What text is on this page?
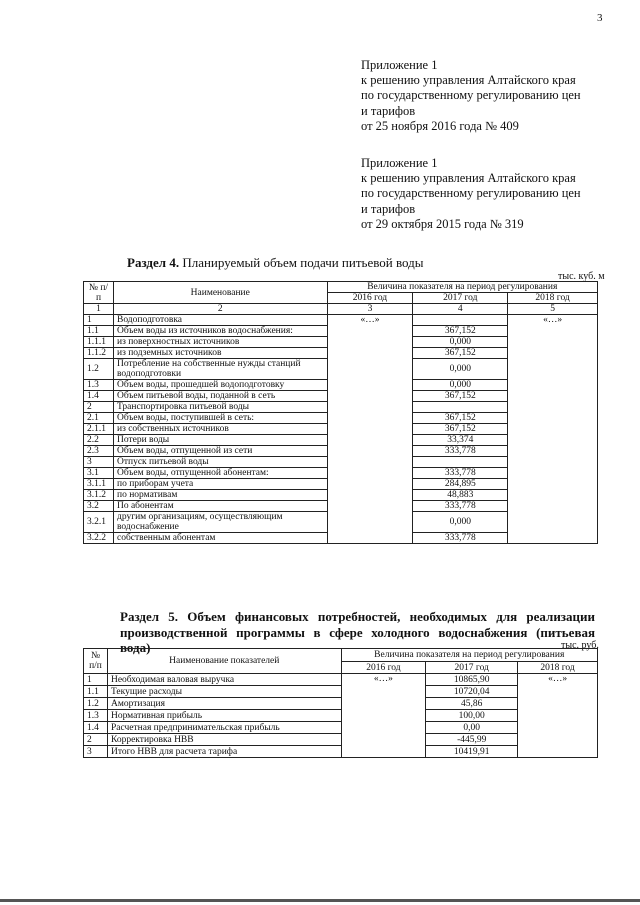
3
Приложение 1
к решению управления Алтайского края
по государственному регулированию цен
и тарифов
от 25 ноября 2016 года № 409
Приложение 1
к решению управления Алтайского края
по государственному регулированию цен
и тарифов
от 29 октября 2015 года № 319
Раздел 4. Планируемый объем подачи питьевой воды
тыс. куб. м
№ п/п	Наименование	Величина показателя на период регулирования		
		2016 год	2017 год	2018 год
1	2	3	4	5
1	Водоподготовка	«…»		«…»
1.1	Объем воды из источников водоснабжения:		367,152	
1.1.1	из поверхностных источников		0,000	
1.1.2	из подземных источников		367,152	
1.2	Потребление на собственные нужды станций водоподготовки		0,000	
1.3	Объем воды, прошедшей водоподготовку		0,000	
1.4	Объем питьевой воды, поданной в сеть		367,152	
2	Транспортировка питьевой воды			
2.1	Объем воды, поступившей в сеть:		367,152	
2.1.1	из собственных источников		367,152	
2.2	Потери воды		33,374	
2.3	Объем воды, отпущенной из сети		333,778	
3	Отпуск питьевой воды			
3.1	Объем воды, отпущенной абонентам:		333,778	
3.1.1	по приборам учета		284,895	
3.1.2	по нормативам		48,883	
3.2	По абонентам		333,778	
3.2.1	другим организациям, осуществляющим водоснабжение		0,000	
3.2.2	собственным абонентам		333,778	
Раздел 5. Объем финансовых потребностей, необходимых для реализации производственной программы в сфере холодного водоснабжения (питьевая вода)	тыс. руб.
№ п/п	Наименование показателей	Величина показателя на период регулирования		
		2016 год	2017 год	2018 год
1	Необходимая валовая выручка	«…»	10865,90	«…»
1.1	Текущие расходы		10720,04	
1.2	Амортизация		45,86	
1.3	Нормативная прибыль		100,00	
1.4	Расчетная предпринимательская прибыль		0,00	
2	Корректировка НВВ		-445,99	
3	Итого НВВ для расчета тарифа		10419,91	
